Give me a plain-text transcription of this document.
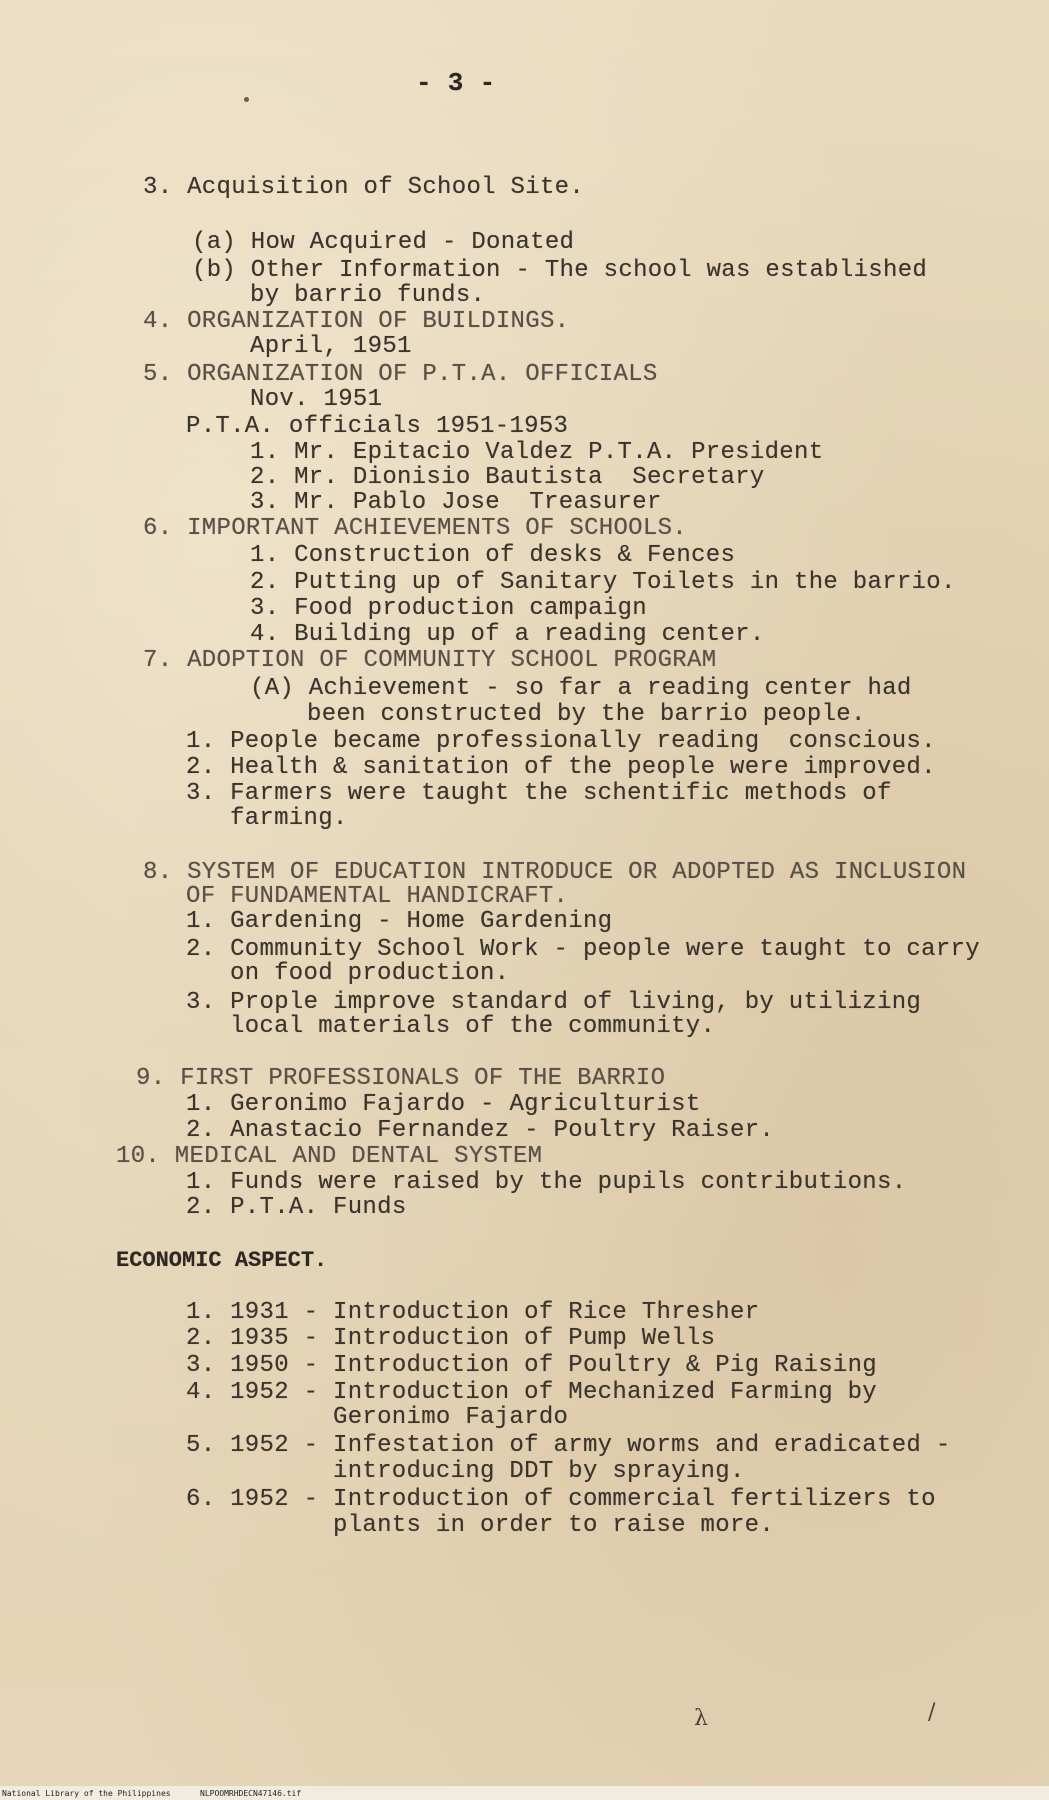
- 3 -
3. Acquisition of School Site.
(a) How Acquired - Donated
(b) Other Information - The school was established
by barrio funds.
4. ORGANIZATION OF BUILDINGS.
April, 1951
5. ORGANIZATION OF P.T.A. OFFICIALS
Nov. 1951
P.T.A. officials 1951-1953
1. Mr. Epitacio Valdez P.T.A. President
2. Mr. Dionisio Bautista  Secretary
3. Mr. Pablo Jose  Treasurer
6. IMPORTANT ACHIEVEMENTS OF SCHOOLS.
1. Construction of desks & Fences
2. Putting up of Sanitary Toilets in the barrio.
3. Food production campaign
4. Building up of a reading center.
7. ADOPTION OF COMMUNITY SCHOOL PROGRAM
(A) Achievement - so far a reading center had
been constructed by the barrio people.
1. People became professionally reading  conscious.
2. Health & sanitation of the people were improved.
3. Farmers were taught the schentific methods of
farming.
8. SYSTEM OF EDUCATION INTRODUCE OR ADOPTED AS INCLUSION
OF FUNDAMENTAL HANDICRAFT.
1. Gardening - Home Gardening
2. Community School Work - people were taught to carry
on food production.
3. Prople improve standard of living, by utilizing
local materials of the community.
9. FIRST PROFESSIONALS OF THE BARRIO
1. Geronimo Fajardo - Agriculturist
2. Anastacio Fernandez - Poultry Raiser.
10. MEDICAL AND DENTAL SYSTEM
1. Funds were raised by the pupils contributions.
2. P.T.A. Funds
ECONOMIC ASPECT.
1. 1931 - Introduction of Rice Thresher
2. 1935 - Introduction of Pump Wells
3. 1950 - Introduction of Poultry & Pig Raising
4. 1952 - Introduction of Mechanized Farming by
Geronimo Fajardo
5. 1952 - Infestation of army worms and eradicated -
introducing DDT by spraying.
6. 1952 - Introduction of commercial fertilizers to
plants in order to raise more.
λ	/
National Library of the Philippines	NLPOOMRHDECN47146.tif
